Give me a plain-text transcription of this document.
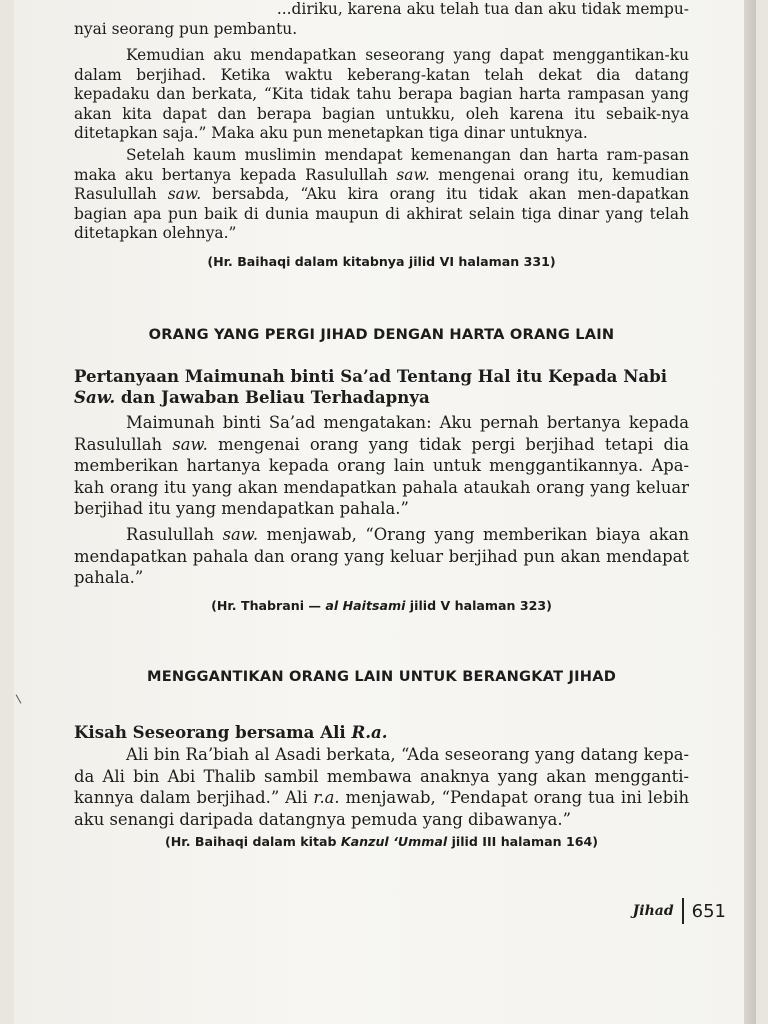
...diriku, karena aku telah tua dan aku tidak mempu-

nyai seorang pun pembantu.

Kemudian aku mendapatkan seseorang yang dapat menggantikan-ku dalam berjihad. Ketika waktu keberang-katan telah dekat dia datang kepadaku dan berkata, “Kita tidak tahu berapa bagian harta rampasan yang akan kita dapat dan berapa bagian untukku, oleh karena itu sebaik-nya ditetapkan saja.” Maka aku pun menetapkan tiga dinar untuknya.

Setelah kaum muslimin mendapat kemenangan dan harta ram-pasan maka aku bertanya kepada Rasulullah saw. mengenai orang itu, kemudian Rasulullah saw. bersabda, “Aku kira orang itu tidak akan men-dapatkan bagian apa pun baik di dunia maupun di akhirat selain tiga dinar yang telah ditetapkan olehnya.”

(Hr. Baihaqi dalam kitabnya jilid VI halaman 331)

ORANG YANG PERGI JIHAD DENGAN HARTA ORANG LAIN

Pertanyaan Maimunah binti Sa’ad Tentang Hal itu Kepada Nabi Saw. dan Jawaban Beliau Terhadapnya

Maimunah binti Sa’ad mengatakan: Aku pernah bertanya kepada Rasulullah saw. mengenai orang yang tidak pergi berjihad tetapi dia memberikan hartanya kepada orang lain untuk menggantikannya. Apa-kah orang itu yang akan mendapatkan pahala ataukah orang yang keluar berjihad itu yang mendapatkan pahala.”

Rasulullah saw. menjawab, “Orang yang memberikan biaya akan mendapatkan pahala dan orang yang keluar berjihad pun akan mendapat pahala.”

(Hr. Thabrani — al Haitsami jilid V halaman 323)

MENGGANTIKAN ORANG LAIN UNTUK BERANGKAT JIHAD

Kisah Seseorang bersama Ali R.a.

Ali bin Ra’biah al Asadi berkata, “Ada seseorang yang datang kepa-da Ali bin Abi Thalib sambil membawa anaknya yang akan mengganti-kannya dalam berjihad.” Ali r.a. menjawab, “Pendapat orang tua ini lebih aku senangi daripada datangnya pemuda yang dibawanya.”

(Hr. Baihaqi dalam kitab Kanzul ‘Ummal jilid III halaman 164)

Jihad 651
